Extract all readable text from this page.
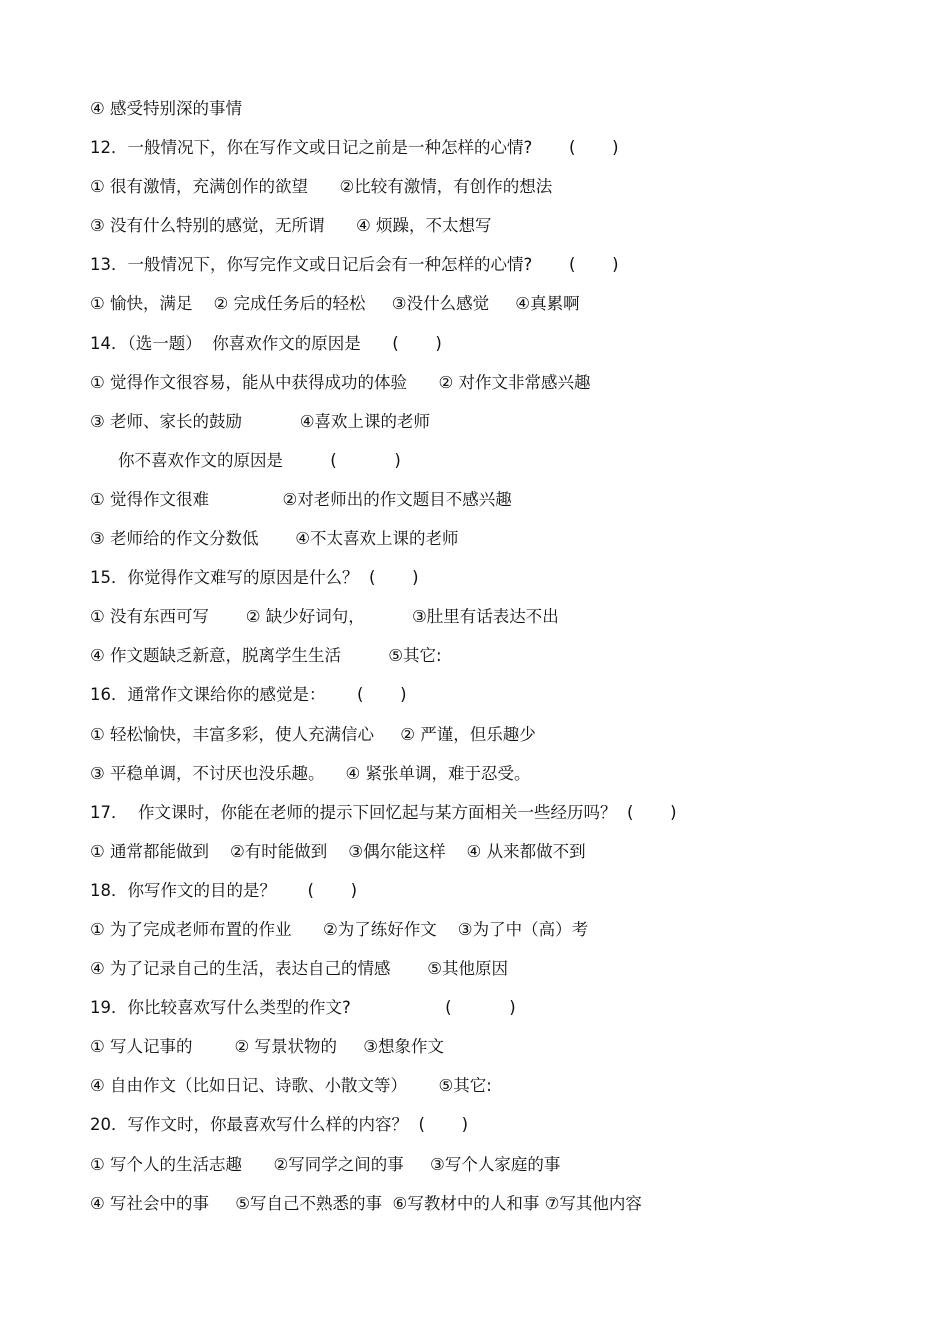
④ 感受特别深的事情
12．一般情况下，你在写作文或日记之前是一种怎样的心情?       (       )
① 很有激情，充满创作的欲望      ②比较有激情，有创作的想法
③ 没有什么特别的感觉，无所谓      ④ 烦躁，不太想写
13．一般情况下，你写完作文或日记后会有一种怎样的心情?       (       )
① 愉快，满足    ② 完成任务后的轻松     ③没什么感觉     ④真累啊
14．（选一题）  你喜欢作文的原因是      (       )
① 觉得作文很容易，能从中获得成功的体验      ② 对作文非常感兴趣
③ 老师、家长的鼓励           ④喜欢上课的老师
你不喜欢作文的原因是         (           )
① 觉得作文很难              ②对老师出的作文题目不感兴趣
③ 老师给的作文分数低       ④不太喜欢上课的老师
15．你觉得作文难写的原因是什么？  (       )
① 没有东西可写       ② 缺少好词句，         ③肚里有话表达不出
④ 作文题缺乏新意，脱离学生生活         ⑤其它:
16．通常作文课给你的感觉是：      (       )
① 轻松愉快，丰富多彩，使人充满信心     ② 严谨，但乐趣少
③ 平稳单调，不讨厌也没乐趣。    ④ 紧张单调，难于忍受。
17．  作文课时，你能在老师的提示下回忆起与某方面相关一些经历吗？  (       )
① 通常都能做到    ②有时能做到    ③偶尔能这样    ④ 从来都做不到
18．你写作文的目的是？      (       )
① 为了完成老师布置的作业      ②为了练好作文    ③为了中（高）考
④ 为了记录自己的生活，表达自己的情感       ⑤其他原因
19．你比较喜欢写什么类型的作文?                  (           )
① 写人记事的        ② 写景状物的     ③想象作文
④ 自由作文（比如日记、诗歌、小散文等）      ⑤其它:
20．写作文时，你最喜欢写什么样的内容？  (       )
① 写个人的生活志趣      ②写同学之间的事     ③写个人家庭的事
④ 写社会中的事     ⑤写自己不熟悉的事  ⑥写教材中的人和事 ⑦写其他内容
